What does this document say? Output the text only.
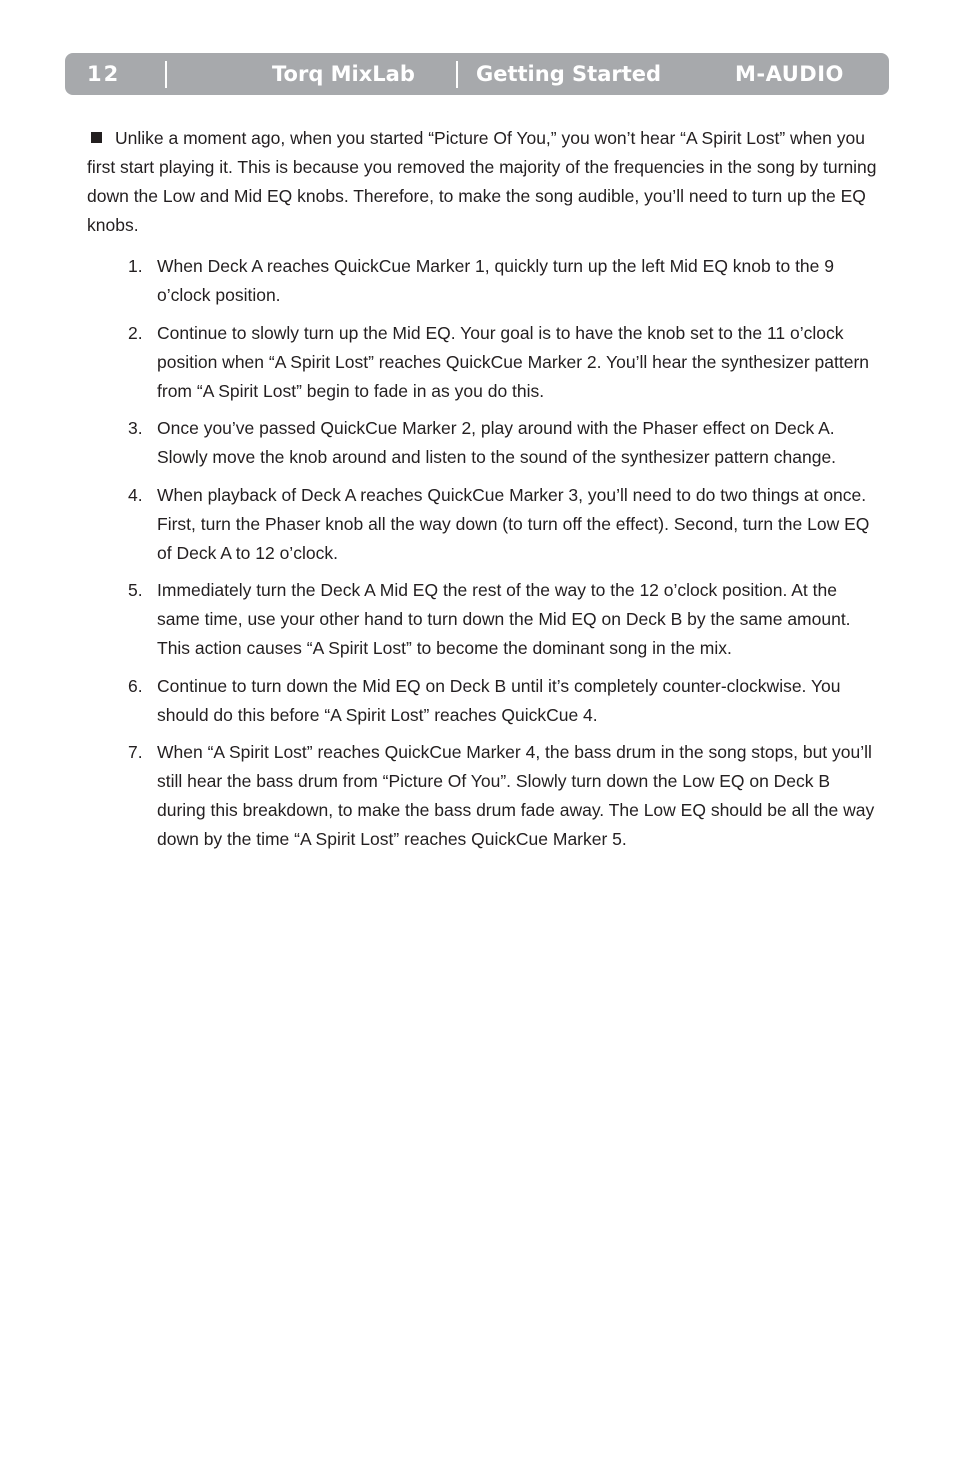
12	Torq MixLab	Getting Started	M-AUDIO

Unlike a moment ago, when you started “Picture Of You,” you won’t hear “A Spirit Lost” when you first start playing it. This is because you removed the majority of the frequencies in the song by turning down the Low and Mid EQ knobs. Therefore, to make the song audible, you’ll need to turn up the EQ knobs.

1. When Deck A reaches QuickCue Marker 1, quickly turn up the left Mid EQ knob to the 9 o’clock position.
2. Continue to slowly turn up the Mid EQ. Your goal is to have the knob set to the 11 o’clock position when “A Spirit Lost” reaches QuickCue Marker 2. You’ll hear the synthesizer pattern from “A Spirit Lost” begin to fade in as you do this.
3. Once you’ve passed QuickCue Marker 2, play around with the Phaser effect on Deck A. Slowly move the knob around and listen to the sound of the synthesizer pattern change.
4. When playback of Deck A reaches QuickCue Marker 3, you’ll need to do two things at once. First, turn the Phaser knob all the way down (to turn off the effect). Second, turn the Low EQ of Deck A to 12 o’clock.
5. Immediately turn the Deck A Mid EQ the rest of the way to the 12 o’clock position. At the same time, use your other hand to turn down the Mid EQ on Deck B by the same amount. This action causes “A Spirit Lost” to become the dominant song in the mix.
6. Continue to turn down the Mid EQ on Deck B until it’s completely counter-clockwise. You should do this before “A Spirit Lost” reaches QuickCue 4.
7. When “A Spirit Lost” reaches QuickCue Marker 4, the bass drum in the song stops, but you’ll still hear the bass drum from “Picture Of You”. Slowly turn down the Low EQ on Deck B during this breakdown, to make the bass drum fade away. The Low EQ should be all the way down by the time “A Spirit Lost” reaches QuickCue Marker 5.
